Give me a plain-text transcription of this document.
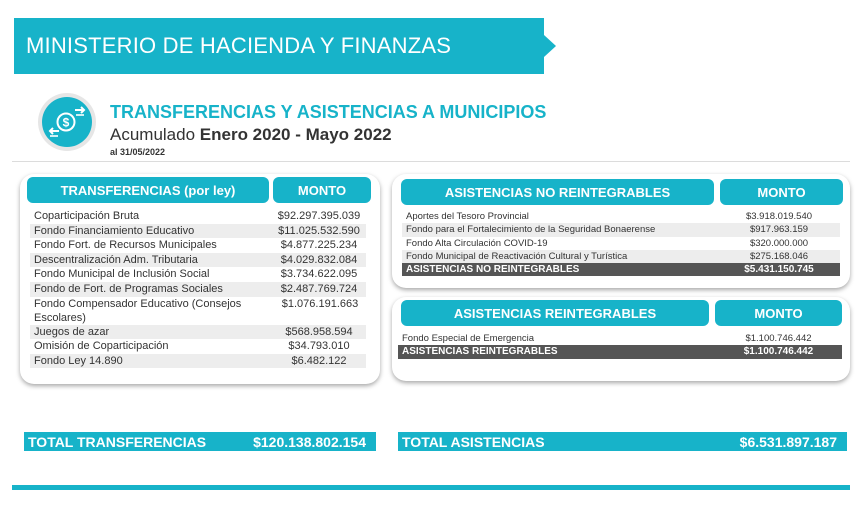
MINISTERIO DE HACIENDA Y FINANZAS
$
TRANSFERENCIAS Y ASISTENCIAS A MUNICIPIOS
Acumulado Enero 2020 - Mayo 2022
al 31/05/2022
TRANSFERENCIAS (por ley)	MONTO
Coparticipación Bruta	$92.297.395.039
Fondo Financiamiento Educativo	$11.025.532.590
Fondo Fort. de Recursos Municipales	$4.877.225.234
Descentralización Adm. Tributaria	$4.029.832.084
Fondo Municipal de Inclusión Social	$3.734.622.095
Fondo de Fort. de Programas Sociales	$2.487.769.724
Fondo Compensador Educativo (Consejos Escolares)
$1.076.191.663
Juegos de azar	$568.958.594
Omisión de Coparticipación	$34.793.010
Fondo Ley 14.890	$6.482.122
ASISTENCIAS NO REINTEGRABLES	MONTO
Aportes del Tesoro Provincial	$3.918.019.540
Fondo para el Fortalecimiento de la Seguridad Bonaerense	$917.963.159
Fondo Alta Circulación COVID-19	$320.000.000
Fondo Municipal de Reactivación Cultural y Turística	$275.168.046
ASISTENCIAS NO REINTEGRABLES	$5.431.150.745
ASISTENCIAS REINTEGRABLES	MONTO
Fondo Especial de Emergencia	$1.100.746.442
ASISTENCIAS REINTEGRABLES	$1.100.746.442
TOTAL TRANSFERENCIAS	$120.138.802.154	TOTAL ASISTENCIAS	$6.531.897.187
